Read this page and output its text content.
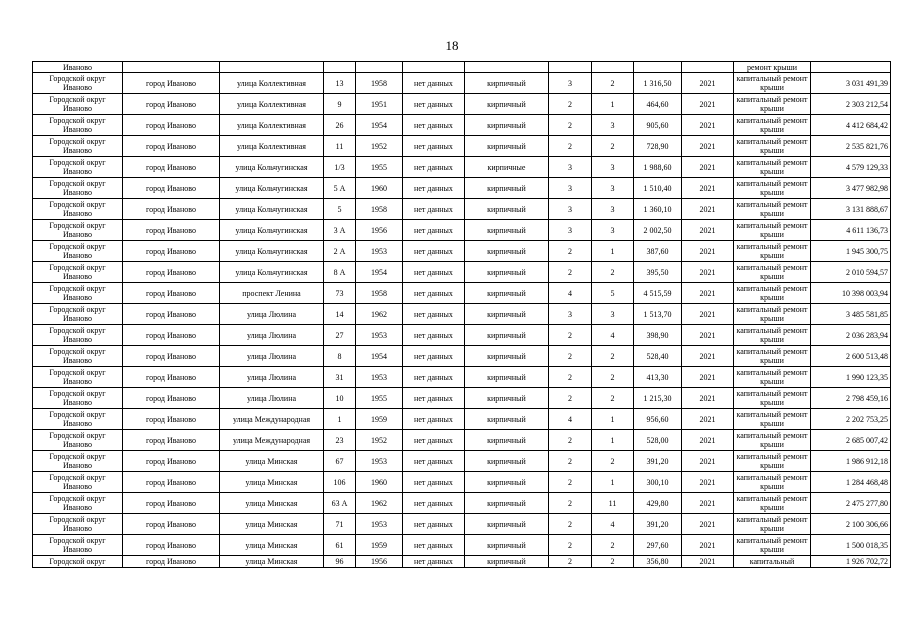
18
Иваново											ремонт крыши	
Городской округ Иваново	город Иваново	улица Коллективная	13	1958	нет данных	кирпичный	3	2	1 316,50	2021	капитальный ремонт крыши	3 031 491,39
Городской округ Иваново	город Иваново	улица Коллективная	9	1951	нет данных	кирпичный	2	1	464,60	2021	капитальный ремонт крыши	2 303 212,54
Городской округ Иваново	город Иваново	улица Коллективная	26	1954	нет данных	кирпичный	2	3	905,60	2021	капитальный ремонт крыши	4 412 684,42
Городской округ Иваново	город Иваново	улица Коллективная	11	1952	нет данных	кирпичный	2	2	728,90	2021	капитальный ремонт крыши	2 535 821,76
Городской округ Иваново	город Иваново	улица Кольчугинская	1/3	1955	нет данных	кирпичные	3	3	1 988,60	2021	капитальный ремонт крыши	4 579 129,33
Городской округ Иваново	город Иваново	улица Кольчугинская	5 А	1960	нет данных	кирпичный	3	3	1 510,40	2021	капитальный ремонт крыши	3 477 982,98
Городской округ Иваново	город Иваново	улица Кольчугинская	5	1958	нет данных	кирпичный	3	3	1 360,10	2021	капитальный ремонт крыши	3 131 888,67
Городской округ Иваново	город Иваново	улица Кольчугинская	3 А	1956	нет данных	кирпичный	3	3	2 002,50	2021	капитальный ремонт крыши	4 611 136,73
Городской округ Иваново	город Иваново	улица Кольчугинская	2 А	1953	нет данных	кирпичный	2	1	387,60	2021	капитальный ремонт крыши	1 945 300,75
Городской округ Иваново	город Иваново	улица Кольчугинская	8 А	1954	нет данных	кирпичный	2	2	395,50	2021	капитальный ремонт крыши	2 010 594,57
Городской округ Иваново	город Иваново	проспект Ленина	73	1958	нет данных	кирпичный	4	5	4 515,59	2021	капитальный ремонт крыши	10 398 003,94
Городской округ Иваново	город Иваново	улица Люлина	14	1962	нет данных	кирпичный	3	3	1 513,70	2021	капитальный ремонт крыши	3 485 581,85
Городской округ Иваново	город Иваново	улица Люлина	27	1953	нет данных	кирпичный	2	4	398,90	2021	капитальный ремонт крыши	2 036 283,94
Городской округ Иваново	город Иваново	улица Люлина	8	1954	нет данных	кирпичный	2	2	528,40	2021	капитальный ремонт крыши	2 600 513,48
Городской округ Иваново	город Иваново	улица Люлина	31	1953	нет данных	кирпичный	2	2	413,30	2021	капитальный ремонт крыши	1 990 123,35
Городской округ Иваново	город Иваново	улица Люлина	10	1955	нет данных	кирпичный	2	2	1 215,30	2021	капитальный ремонт крыши	2 798 459,16
Городской округ Иваново	город Иваново	улица Международная	1	1959	нет данных	кирпичный	4	1	956,60	2021	капитальный ремонт крыши	2 202 753,25
Городской округ Иваново	город Иваново	улица Международная	23	1952	нет данных	кирпичный	2	1	528,00	2021	капитальный ремонт крыши	2 685 007,42
Городской округ Иваново	город Иваново	улица Минская	67	1953	нет данных	кирпичный	2	2	391,20	2021	капитальный ремонт крыши	1 986 912,18
Городской округ Иваново	город Иваново	улица Минская	106	1960	нет данных	кирпичный	2	1	300,10	2021	капитальный ремонт крыши	1 284 468,48
Городской округ Иваново	город Иваново	улица Минская	63 А	1962	нет данных	кирпичный	2	11	429,80	2021	капитальный ремонт крыши	2 475 277,80
Городской округ Иваново	город Иваново	улица Минская	71	1953	нет данных	кирпичный	2	4	391,20	2021	капитальный ремонт крыши	2 100 306,66
Городской округ Иваново	город Иваново	улица Минская	61	1959	нет данных	кирпичный	2	2	297,60	2021	капитальный ремонт крыши	1 500 018,35
Городской округ	город Иваново	улица Минская	96	1956	нет данных	кирпичный	2	2	356,80	2021	капитальный	1 926 702,72
